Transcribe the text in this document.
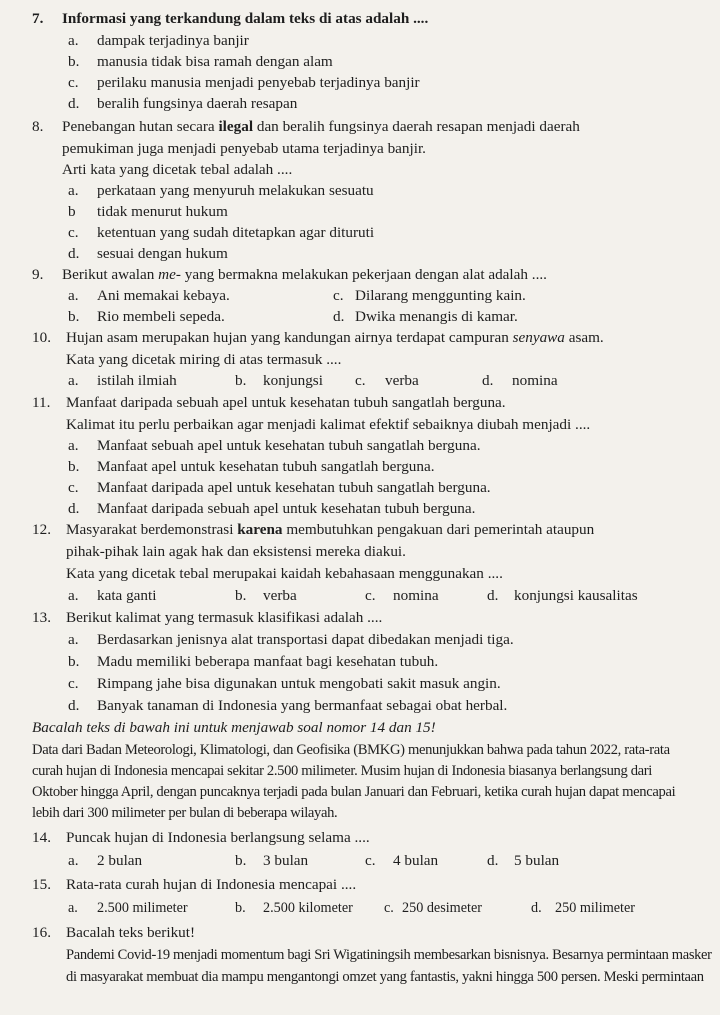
7. Informasi yang terkandung dalam teks di atas adalah ....
a. dampak terjadinya banjir
b. manusia tidak bisa ramah dengan alam
c. perilaku manusia menjadi penyebab terjadinya banjir
d. beralih fungsinya daerah resapan
8. Penebangan hutan secara ilegal dan beralih fungsinya daerah resapan menjadi daerah
pemukiman juga menjadi penyebab utama terjadinya banjir.
Arti kata yang dicetak tebal adalah ....
a. perkataan yang menyuruh melakukan sesuatu
b tidak menurut hukum
c. ketentuan yang sudah ditetapkan agar dituruti
d. sesuai dengan hukum
9. Berikut awalan me- yang bermakna melakukan pekerjaan dengan alat adalah ....
a. Ani memakai kebaya.	c. Dilarang menggunting kain.
b. Rio membeli sepeda.	d. Dwika menangis di kamar.
10. Hujan asam merupakan hujan yang kandungan airnya terdapat campuran senyawa asam.
Kata yang dicetak miring di atas termasuk ....
a. istilah ilmiah	b. konjungsi c. verba	d. nomina
11. Manfaat daripada sebuah apel untuk kesehatan tubuh sangatlah berguna.
Kalimat itu perlu perbaikan agar menjadi kalimat efektif sebaiknya diubah menjadi ....
a. Manfaat sebuah apel untuk kesehatan tubuh sangatlah berguna.
b. Manfaat apel untuk kesehatan tubuh sangatlah berguna.
c. Manfaat daripada apel untuk kesehatan tubuh sangatlah berguna.
d. Manfaat daripada sebuah apel untuk kesehatan tubuh berguna.
12. Masyarakat berdemonstrasi karena membutuhkan pengakuan dari pemerintah ataupun
pihak-pihak lain agak hak dan eksistensi mereka diakui.
Kata yang dicetak tebal merupakai kaidah kebahasaan menggunakan ....
a. kata ganti	b. verba	c. nomina	d. konjungsi kausalitas
13. Berikut kalimat yang termasuk klasifikasi adalah ....
a. Berdasarkan jenisnya alat transportasi dapat dibedakan menjadi tiga.
b. Madu memiliki beberapa manfaat bagi kesehatan tubuh.
c. Rimpang jahe bisa digunakan untuk mengobati sakit masuk angin.
d. Banyak tanaman di Indonesia yang bermanfaat sebagai obat herbal.
Bacalah teks di bawah ini untuk menjawab soal nomor 14 dan 15!
Data dari Badan Meteorologi, Klimatologi, dan Geofisika (BMKG) menunjukkan bahwa pada tahun 2022, rata-rata
curah hujan di Indonesia mencapai sekitar 2.500 milimeter. Musim hujan di Indonesia biasanya berlangsung dari
Oktober hingga April, dengan puncaknya terjadi pada bulan Januari dan Februari, ketika curah hujan dapat mencapai
lebih dari 300 milimeter per bulan di beberapa wilayah.
14. Puncak hujan di Indonesia berlangsung selama ....
a. 2 bulan	b. 3 bulan	c. 4 bulan	d. 5 bulan
15. Rata-rata curah hujan di Indonesia mencapai ....
a. 2.500 milimeter	b. 2.500 kilometer c. 250 desimeter	d. 250 milimeter
16. Bacalah teks berikut!
Pandemi Covid-19 menjadi momentum bagi Sri Wigatiningsih membesarkan bisnisnya. Besarnya permintaan masker
di masyarakat membuat dia mampu mengantongi omzet yang fantastis, yakni hingga 500 persen. Meski permintaan
